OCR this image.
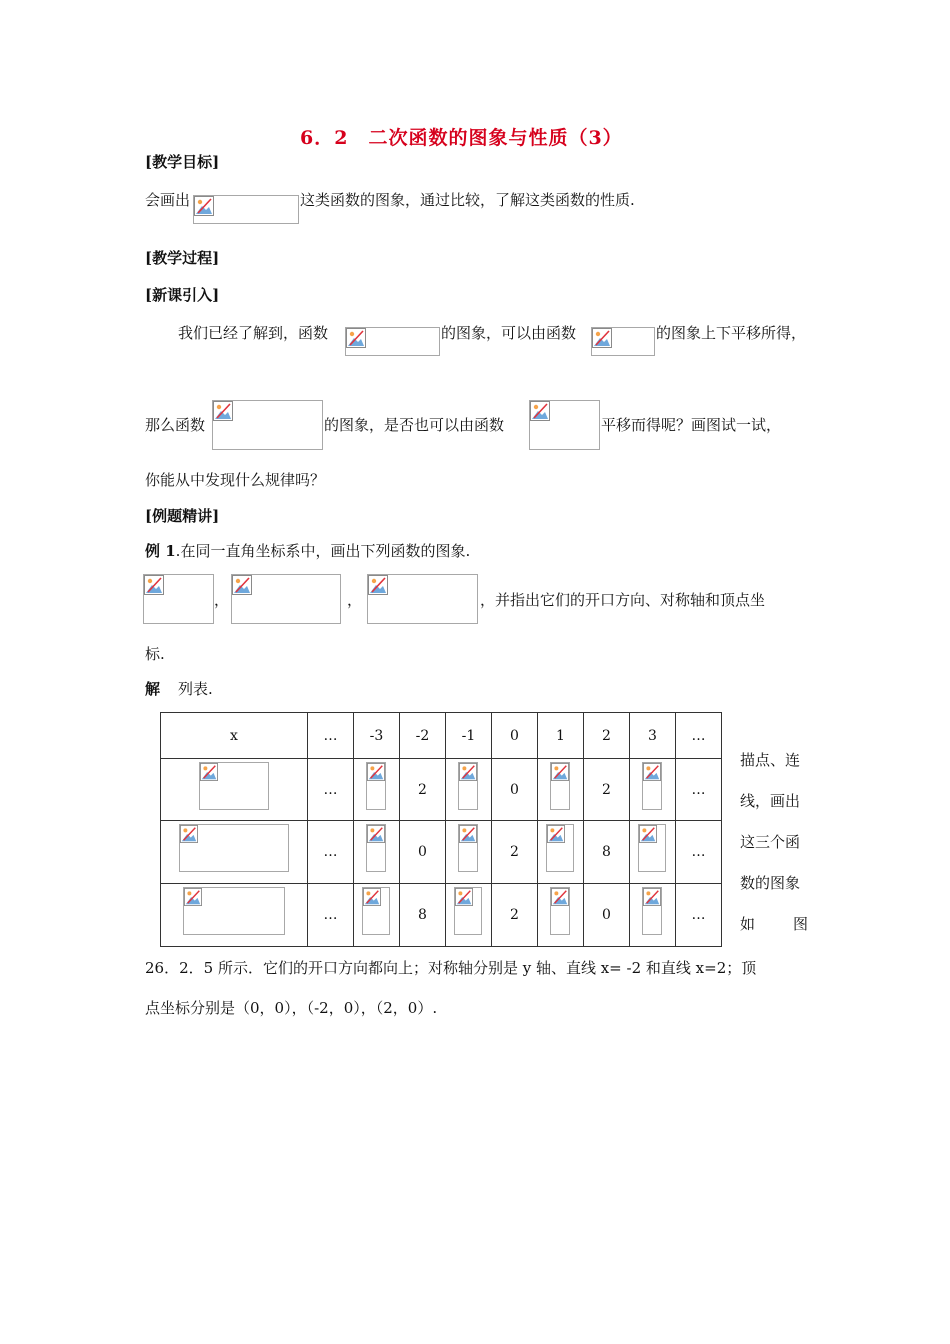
6．2　二次函数的图象与性质（3）
[教学目标]
会画出	这类函数的图象，通过比较，了解这类函数的性质.
[教学过程]
[新课引入]
我们已经了解到，函数	的图象，可以由函数	的图象上下平移所得，
那么函数	的图象，是否也可以由函数	平移而得呢？画图试一试，
你能从中发现什么规律吗？
[例题精讲]
例 1.在同一直角坐标系中，画出下列函数的图象.
，	，	，并指出它们的开口方向、对称轴和顶点坐
标.
解 列表.
x	…	-3	-2	-1	0	1	2	3	…

	…		2		0		2		…

	…		0		2		8		…

	…		8		2		0		…
描点、连
线，画出
这三个函
数的图象
如	图
26．2．5 所示．它们的开口方向都向上；对称轴分别是 y 轴、直线 x= -2 和直线 x=2；顶
点坐标分别是（0，0），（-2，0），（2，0）.
